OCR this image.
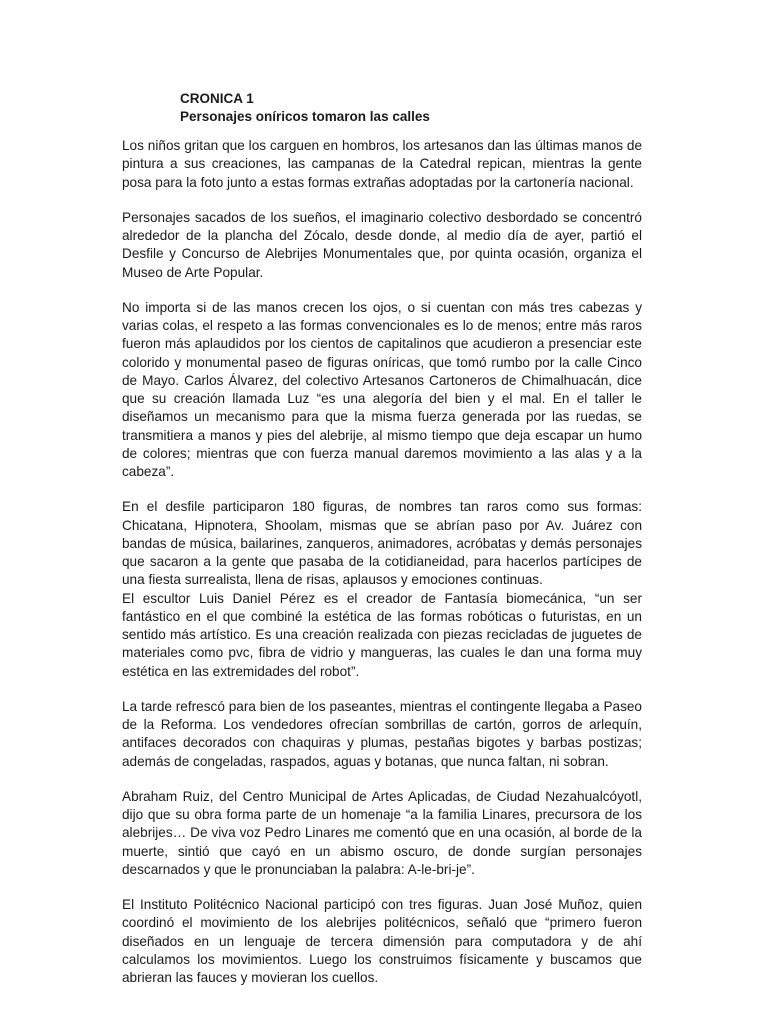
CRONICA 1
Personajes oníricos tomaron las calles

Los niños gritan que los carguen en hombros, los artesanos dan las últimas manos de pintura a sus creaciones, las campanas de la Catedral repican, mientras la gente posa para la foto junto a estas formas extrañas adoptadas por la cartonería nacional.

Personajes sacados de los sueños, el imaginario colectivo desbordado se concentró alrededor de la plancha del Zócalo, desde donde, al medio día de ayer, partió el Desfile y Concurso de Alebrijes Monumentales que, por quinta ocasión, organiza el Museo de Arte Popular.

No importa si de las manos crecen los ojos, o si cuentan con más tres cabezas y varias colas, el respeto a las formas convencionales es lo de menos; entre más raros fueron más aplaudidos por los cientos de capitalinos que acudieron a presenciar este colorido y monumental paseo de figuras oníricas, que tomó rumbo por la calle Cinco de Mayo. Carlos Álvarez, del colectivo Artesanos Cartoneros de Chimalhuacán, dice que su creación llamada Luz “es una alegoría del bien y el mal. En el taller le diseñamos un mecanismo para que la misma fuerza generada por las ruedas, se transmitiera a manos y pies del alebrije, al mismo tiempo que deja escapar un humo de colores; mientras que con fuerza manual daremos movimiento a las alas y a la cabeza”.

En el desfile participaron 180 figuras, de nombres tan raros como sus formas: Chicatana, Hipnotera, Shoolam, mismas que se abrían paso por Av. Juárez con bandas de música, bailarines, zanqueros, animadores, acróbatas y demás personajes que sacaron a la gente que pasaba de la cotidianeidad, para hacerlos partícipes de una fiesta surrealista, llena de risas, aplausos y emociones continuas.

El escultor Luis Daniel Pérez es el creador de Fantasía biomecánica, “un ser fantástico en el que combiné la estética de las formas robóticas o futuristas, en un sentido más artístico. Es una creación realizada con piezas recicladas de juguetes de materiales como pvc, fibra de vidrio y mangueras, las cuales le dan una forma muy estética en las extremidades del robot”.

La tarde refrescó para bien de los paseantes, mientras el contingente llegaba a Paseo de la Reforma. Los vendedores ofrecían sombrillas de cartón, gorros de arlequín, antifaces decorados con chaquiras y plumas, pestañas bigotes y barbas postizas; además de congeladas, raspados, aguas y botanas, que nunca faltan, ni sobran.

Abraham Ruiz, del Centro Municipal de Artes Aplicadas, de Ciudad Nezahualcóyotl, dijo que su obra forma parte de un homenaje “a la familia Linares, precursora de los alebrijes… De viva voz Pedro Linares me comentó que en una ocasión, al borde de la muerte, sintió que cayó en un abismo oscuro, de donde surgían personajes descarnados y que le pronunciaban la palabra: A-le-bri-je”.

El Instituto Politécnico Nacional participó con tres figuras. Juan José Muñoz, quien coordinó el movimiento de los alebrijes politécnicos, señaló que “primero fueron diseñados en un lenguaje de tercera dimensión para computadora y de ahí calculamos los movimientos. Luego los construimos físicamente y buscamos que abrieran las fauces y movieran los cuellos.
